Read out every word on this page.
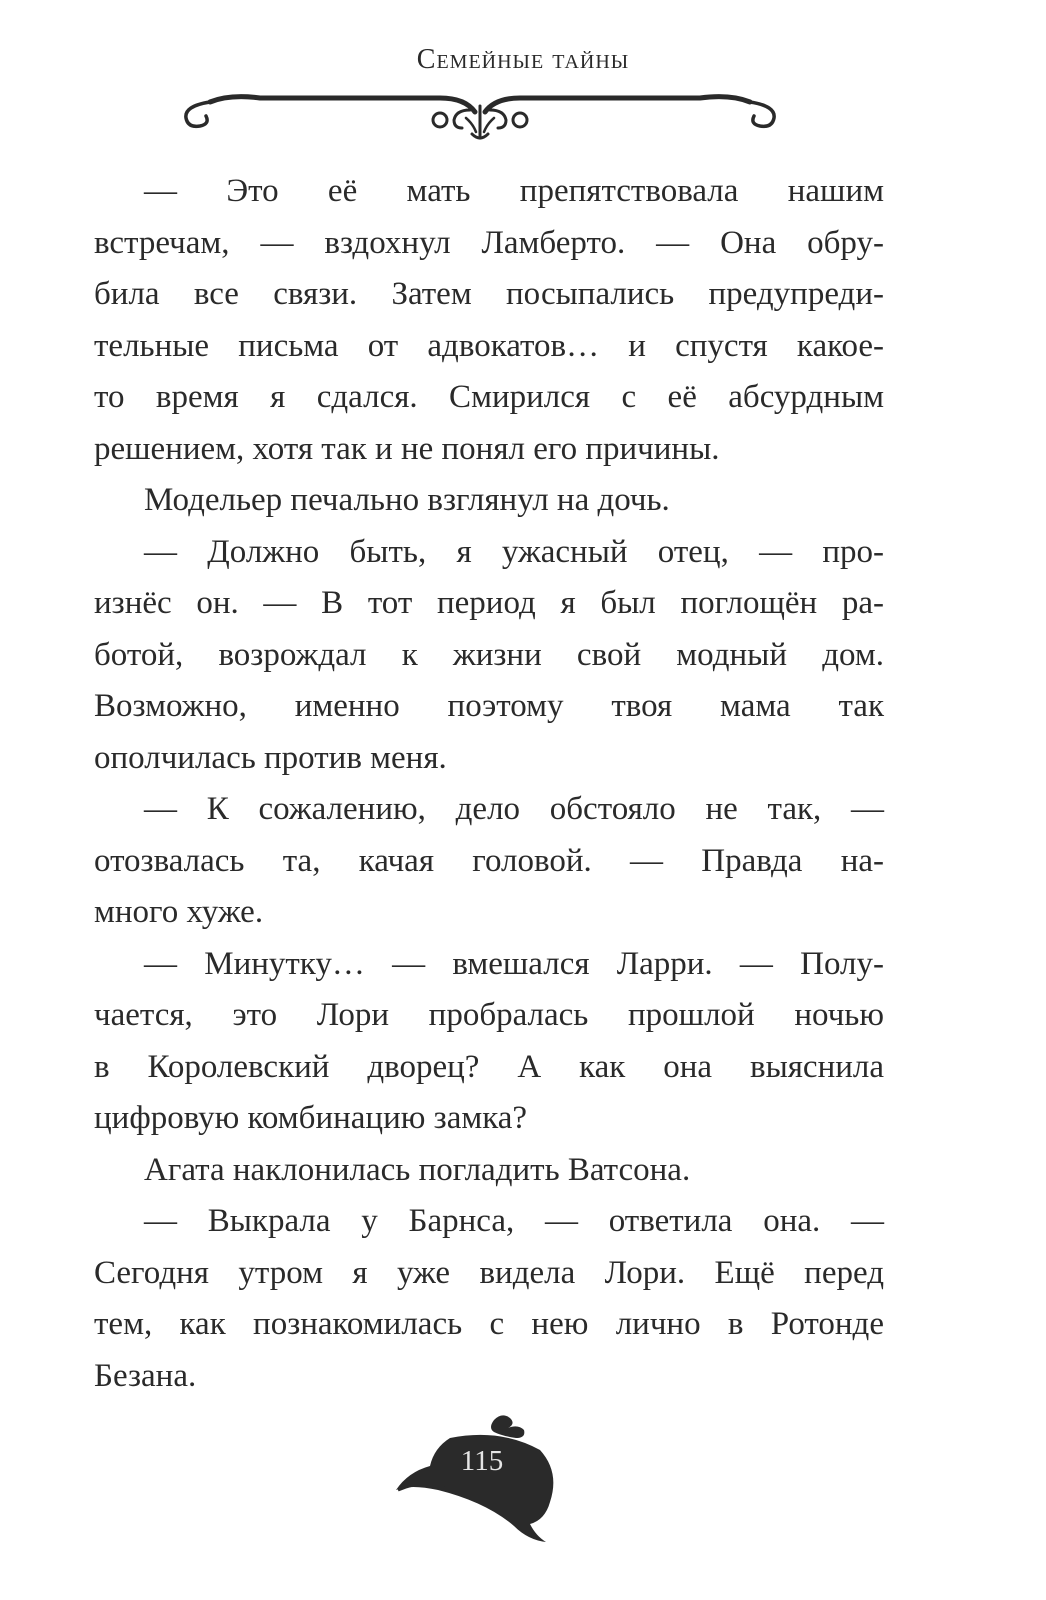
Семейные тайны
— Это её мать препятствовала нашим
встречам, — вздохнул Ламберто. — Она обру-
била все связи. Затем посыпались предупреди-
тельные письма от адвокатов… и спустя какое-
то время я сдался. Смирился с её абсурдным
решением, хотя так и не понял его причины.
Модельер печально взглянул на дочь.
— Должно быть, я ужасный отец, — про-
изнёс он. — В тот период я был поглощён ра-
ботой, возрождал к жизни свой модный дом.
Возможно, именно поэтому твоя мама так
ополчилась против меня.
— К сожалению, дело обстояло не так, —
отозвалась та, качая головой. — Правда на-
много хуже.
— Минутку… — вмешался Ларри. — Полу-
чается, это Лори пробралась прошлой ночью
в Королевский дворец? А как она выяснила
цифровую комбинацию замка?
Агата наклонилась погладить Ватсона.
— Выкрала у Барнса, — ответила она. —
Сегодня утром я уже видела Лори. Ещё перед
тем, как познакомилась с нею лично в Ротонде
Безана.
115
